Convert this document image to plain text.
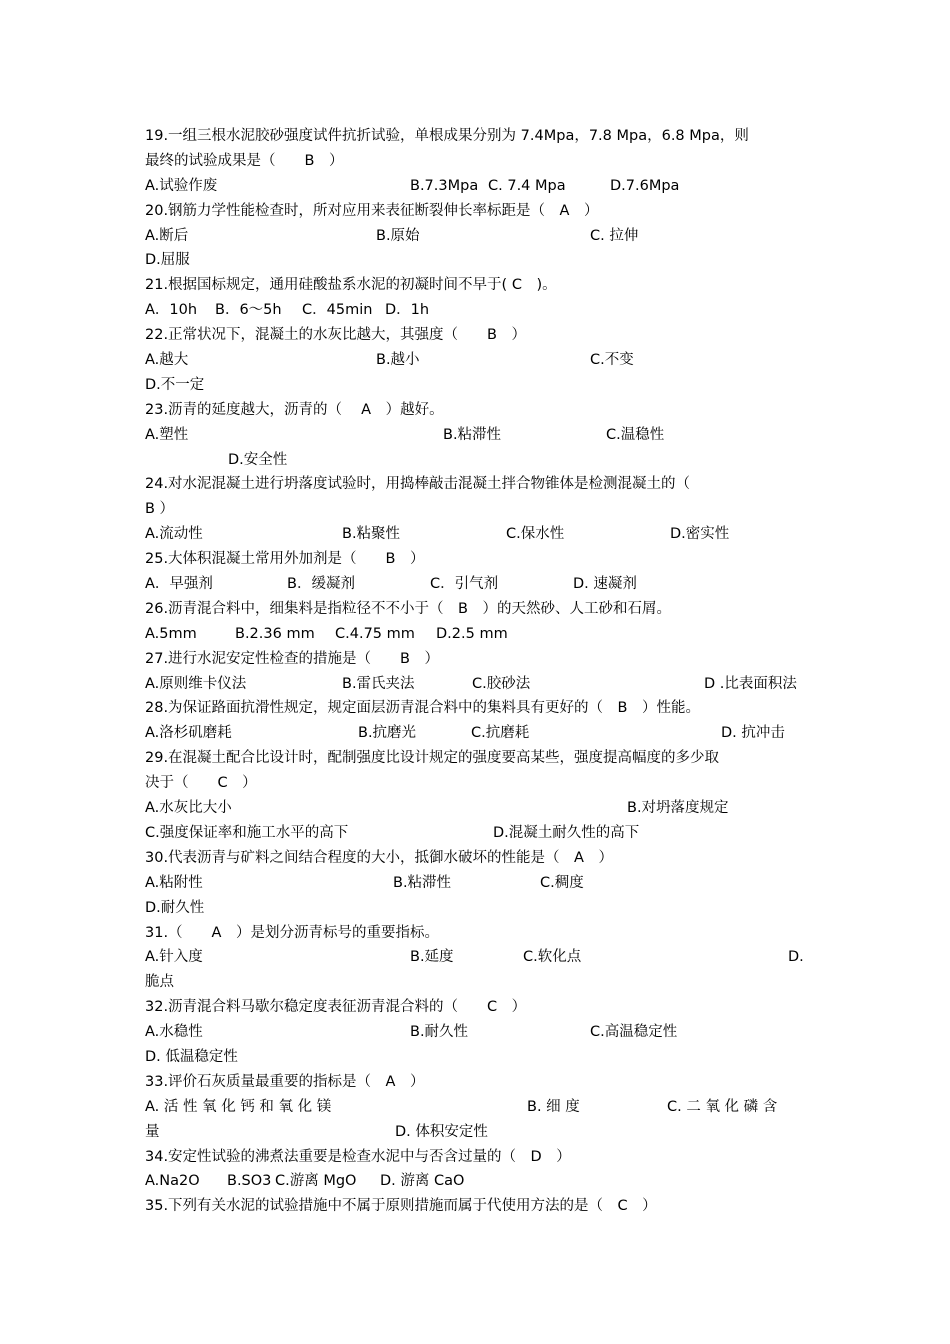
19.一组三根水泥胶砂强度试件抗折试验，单根成果分别为 7.4Mpa，7.8 Mpa，6.8 Mpa，则
最终的试验成果是（　　B　）
A.试验作废	B.7.3Mpa C. 7.4 Mpa	D.7.6Mpa
20.钢筋力学性能检查时，所对应用来表征断裂伸长率标距是（　A　）
A.断后	B.原始	C. 拉伸
D.屈服
21.根据国标规定，通用硅酸盐系水泥的初凝时间不早于( C　)。
A．10h B．6～5h C．45min D．1h
22.正常状况下，混凝土的水灰比越大，其强度（　　B　）
A.越大	B.越小	C.不变
D.不一定
23.沥青的延度越大，沥青的（　 A　）越好。
A.塑性	B.粘滞性	C.温稳性
D.安全性
24.对水泥混凝土进行坍落度试验时，用捣棒敲击混凝土拌合物锥体是检测混凝土的（
B ）
A.流动性	B.粘聚性	C.保水性	D.密实性
25.大体积混凝土常用外加剂是（　　B　）
A．早强剂	B．缓凝剂	C．引气剂	D. 速凝剂
26.沥青混合料中，细集料是指粒径不不小于（　B　）的天然砂、人工砂和石屑。
A.5mm	B.2.36 mm C.4.75 mm D.2.5 mm
27.进行水泥安定性检查的措施是（　　B　）
A.原则维卡仪法	B.雷氏夹法	C.胶砂法	D .比表面积法
28.为保证路面抗滑性规定，规定面层沥青混合料中的集料具有更好的（　B　）性能。
A.洛杉矶磨耗	B.抗磨光	C.抗磨耗	D. 抗冲击
29.在混凝土配合比设计时，配制强度比设计规定的强度要高某些，强度提高幅度的多少取
决于（　　C　）
A.水灰比大小	B.对坍落度规定
C.强度保证率和施工水平的高下	D.混凝土耐久性的高下
30.代表沥青与矿料之间结合程度的大小，抵御水破坏的性能是（　A　）
A.粘附性	B.粘滞性	C.稠度
D.耐久性
31.（　　A　）是划分沥青标号的重要指标。
A.针入度	B.延度	C.软化点	D.
脆点
32.沥青混合料马歇尔稳定度表征沥青混合料的（　　C　）
A.水稳性	B.耐久性	C.高温稳定性
D. 低温稳定性
33.评价石灰质量最重要的指标是（　A　）
A. 活 性 氧 化 钙 和 氧 化 镁	B. 细 度	C. 二 氧 化 磷 含
量	D. 体积安定性
34.安定性试验的沸煮法重要是检查水泥中与否含过量的（　D　）
A.Na2O B.SO3 C.游离 MgO D. 游离 CaO
35.下列有关水泥的试验措施中不属于原则措施而属于代使用方法的是（　C　）
